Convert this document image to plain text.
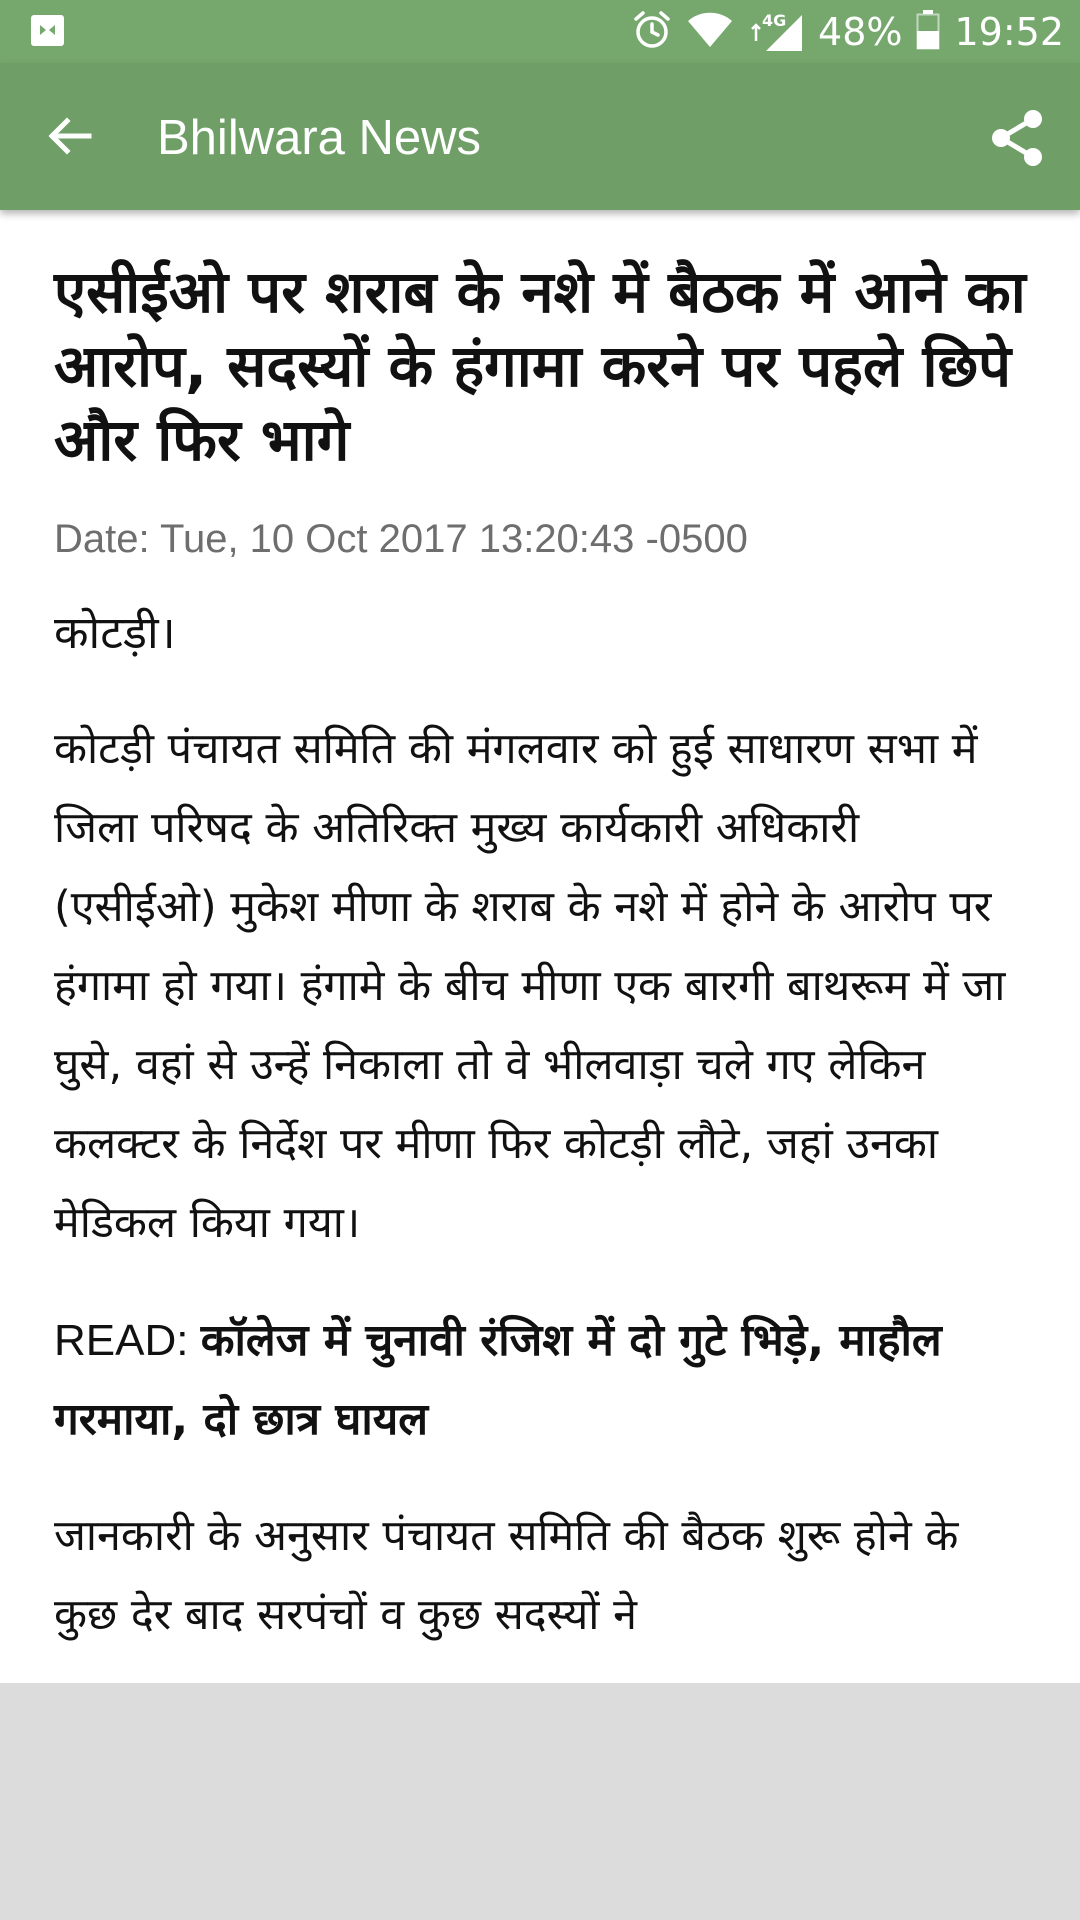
4G 48% 19:52
Bhilwara News
एसीईओ पर शराब के नशे में बैठक में आने का आरोप, सदस्यों के हंगामा करने पर पहले छिपे और फिर भागे
Date: Tue, 10 Oct 2017 13:20:43 -0500
कोटड़ी।

कोटड़ी पंचायत समिति की मंगलवार को हुई साधारण सभा में जिला परिषद के अतिरिक्त मुख्य कार्यकारी अधिकारी (एसीईओ) मुकेश मीणा के शराब के नशे में होने के आरोप पर हंगामा हो गया। हंगामे के बीच मीणा एक बारगी बाथरूम में जा घुसे, वहां से उन्हें निकाला तो वे भीलवाड़ा चले गए लेकिन कलक्टर के निर्देश पर मीणा फिर कोटड़ी लौटे, जहां उनका मेडिकल किया गया।

READ: कॉलेज में चुनावी रंजिश में दो गुटे भिड़े, माहौल गरमाया, दो छात्र घायल

जानकारी के अनुसार पंचायत समिति की बैठक शुरू होने के कुछ देर बाद सरपंचों व कुछ सदस्यों ने
